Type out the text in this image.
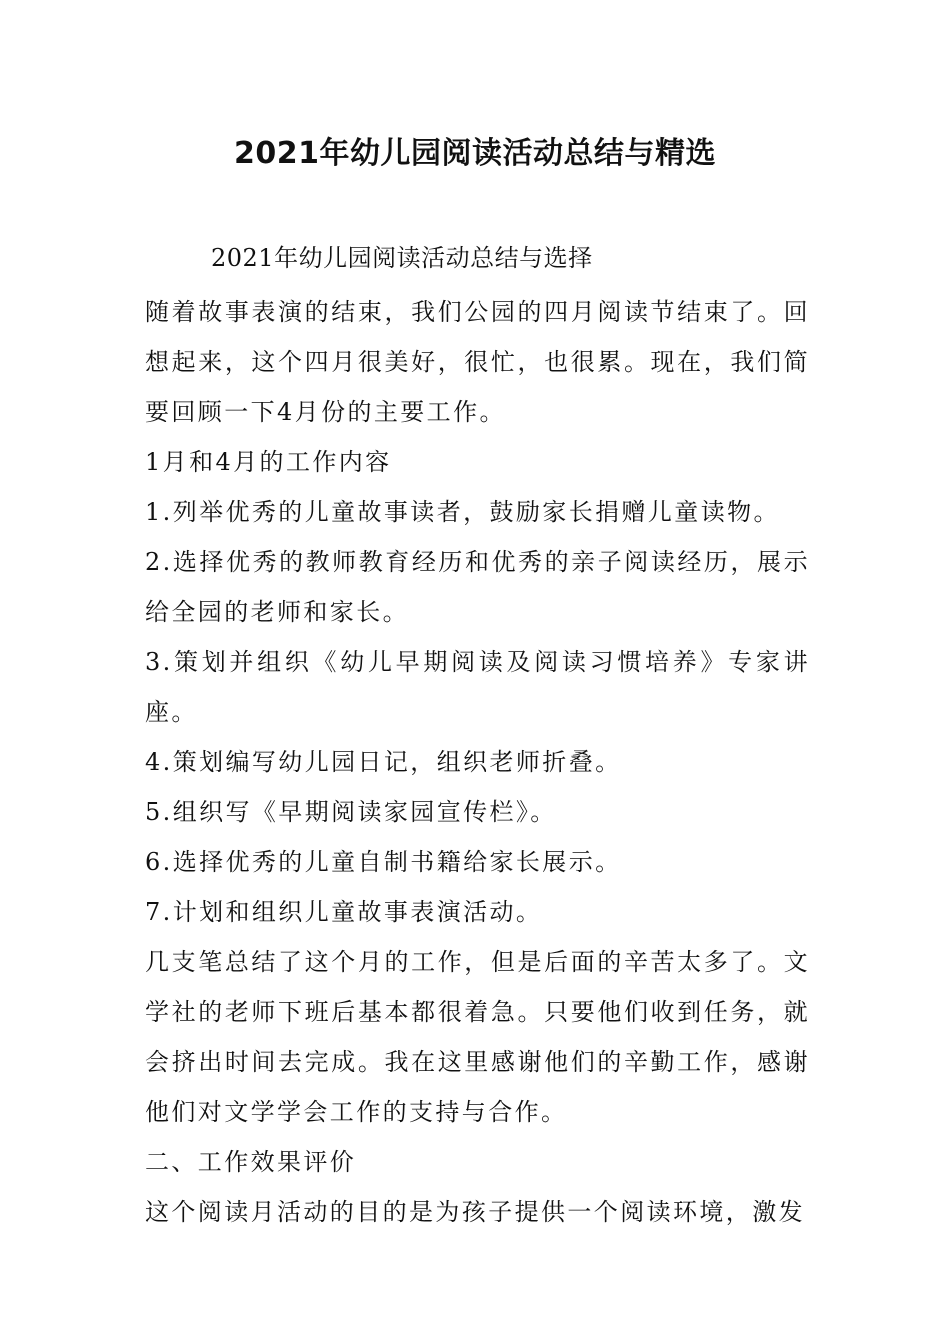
2021年幼儿园阅读活动总结与精选

2021年幼儿园阅读活动总结与选择

随着故事表演的结束，我们公园的四月阅读节结束了。回想起来，这个四月很美好，很忙，也很累。现在，我们简要回顾一下4月份的主要工作。

1月和4月的工作内容

1.列举优秀的儿童故事读者，鼓励家长捐赠儿童读物。

2.选择优秀的教师教育经历和优秀的亲子阅读经历，展示给全园的老师和家长。

3.策划并组织《幼儿早期阅读及阅读习惯培养》专家讲座。

4.策划编写幼儿园日记，组织老师折叠。

5.组织写《早期阅读家园宣传栏》。

6.选择优秀的儿童自制书籍给家长展示。

7.计划和组织儿童故事表演活动。

几支笔总结了这个月的工作，但是后面的辛苦太多了。文学社的老师下班后基本都很着急。只要他们收到任务，就会挤出时间去完成。我在这里感谢他们的辛勤工作，感谢他们对文学学会工作的支持与合作。

二、工作效果评价

这个阅读月活动的目的是为孩子提供一个阅读环境，激发
